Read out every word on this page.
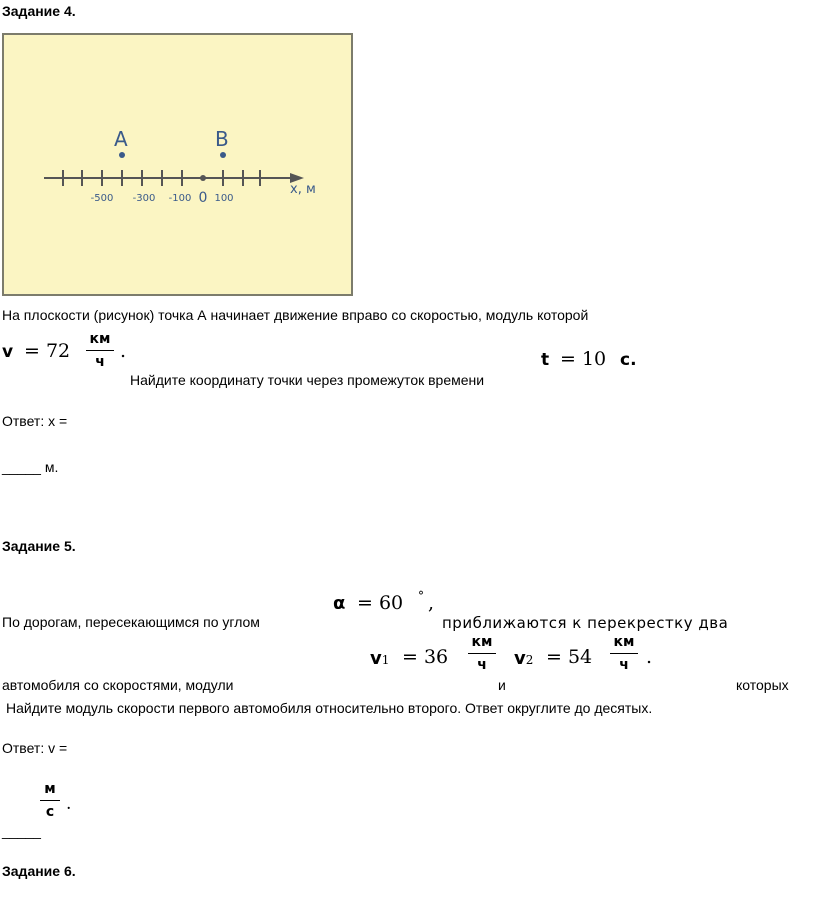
Задание 4.
A	B
-500 -300 -100 0 100
x, м
На плоскости (рисунок) точка А начинает движение вправо со скоростью, модуль которой
v = 72
км
ч .
Найдите координату точки через промежуток времени
t = 10 с.
Ответ: x =
_____ м.
Задание 5.
α = 60 ° ,
По дорогам, пересекающимся по углом	приближаются к перекрестку два
v1 = 36
км
ч	v2 = 54
км
ч .
автомобиля со скоростями, модули	и	которых
Найдите модуль скорости первого автомобиля относительно второго. Ответ округлите до десятых.
Ответ: v =
м
с .
_____
Задание 6.
